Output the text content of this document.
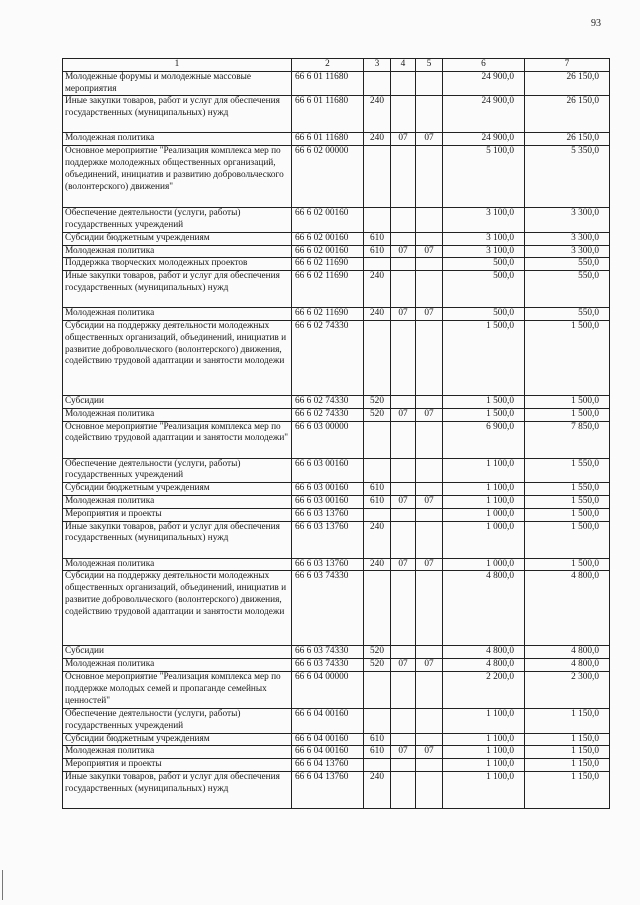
93
1	2	3	4	5	6	7
Молодежные форумы и молодежные массовые мероприятия	66 6 01 11680				24 900,0	26 150,0
Иные закупки товаров, работ и услуг для обеспечения государственных (муниципальных) нужд	66 6 01 11680	240			24 900,0	26 150,0
Молодежная политика	66 6 01 11680	240	07	07	24 900,0	26 150,0
Основное мероприятие "Реализация комплекса мер по поддержке молодежных общественных организаций, объединений, инициатив и развитию добровольческого (волонтерского) движения"	66 6 02 00000				5 100,0	5 350,0
Обеспечение деятельности (услуги, работы) государственных учреждений	66 6 02 00160				3 100,0	3 300,0
Субсидии бюджетным учреждениям	66 6 02 00160	610			3 100,0	3 300,0
Молодежная политика	66 6 02 00160	610	07	07	3 100,0	3 300,0
Поддержка творческих молодежных проектов	66 6 02 11690				500,0	550,0
Иные закупки товаров, работ и услуг для обеспечения государственных (муниципальных) нужд	66 6 02 11690	240			500,0	550,0
Молодежная политика	66 6 02 11690	240	07	07	500,0	550,0
Субсидии на поддержку деятельности молодежных общественных организаций, объединений, инициатив и развитие добровольческого (волонтерского) движения, содействию трудовой адаптации и занятости молодежи	66 6 02 74330				1 500,0	1 500,0
Субсидии	66 6 02 74330	520			1 500,0	1 500,0
Молодежная политика	66 6 02 74330	520	07	07	1 500,0	1 500,0
Основное мероприятие "Реализация комплекса мер по содействию трудовой адаптации и занятости молодежи"	66 6 03 00000				6 900,0	7 850,0
Обеспечение деятельности (услуги, работы) государственных учреждений	66 6 03 00160				1 100,0	1 550,0
Субсидии бюджетным учреждениям	66 6 03 00160	610			1 100,0	1 550,0
Молодежная политика	66 6 03 00160	610	07	07	1 100,0	1 550,0
Мероприятия и проекты	66 6 03 13760				1 000,0	1 500,0
Иные закупки товаров, работ и услуг для обеспечения государственных (муниципальных) нужд	66 6 03 13760	240			1 000,0	1 500,0
Молодежная политика	66 6 03 13760	240	07	07	1 000,0	1 500,0
Субсидии на поддержку деятельности молодежных общественных организаций, объединений, инициатив и развитие добровольческого (волонтерского) движения, содействию трудовой адаптации и занятости молодежи	66 6 03 74330				4 800,0	4 800,0
Субсидии	66 6 03 74330	520			4 800,0	4 800,0
Молодежная политика	66 6 03 74330	520	07	07	4 800,0	4 800,0
Основное мероприятие "Реализация комплекса мер по поддержке молодых семей и пропаганде семейных ценностей"	66 6 04 00000				2 200,0	2 300,0
Обеспечение деятельности (услуги, работы) государственных учреждений	66 6 04 00160				1 100,0	1 150,0
Субсидии бюджетным учреждениям	66 6 04 00160	610			1 100,0	1 150,0
Молодежная политика	66 6 04 00160	610	07	07	1 100,0	1 150,0
Мероприятия и проекты	66 6 04 13760				1 100,0	1 150,0
Иные закупки товаров, работ и услуг для обеспечения государственных (муниципальных) нужд	66 6 04 13760	240			1 100,0	1 150,0
